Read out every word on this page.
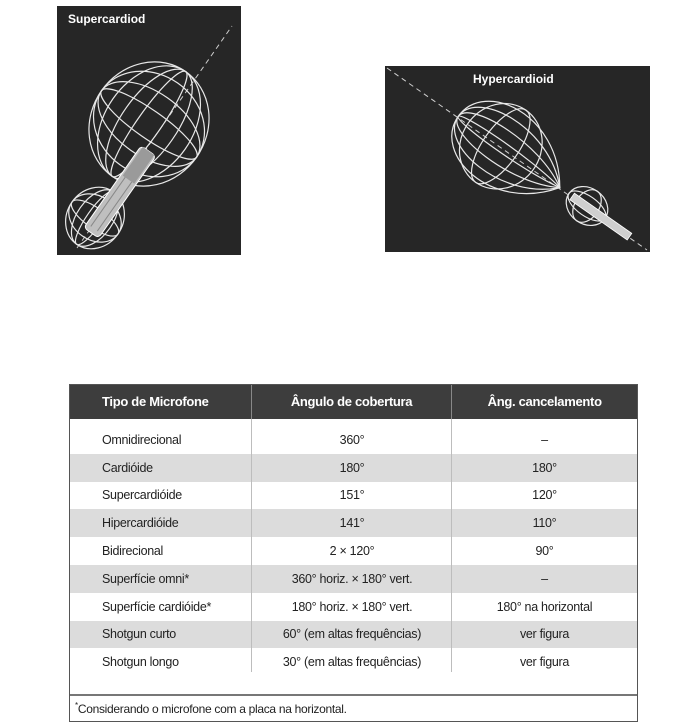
Supercardiod
Hypercardioid
Tipo de Microfone	Ângulo de cobertura	Âng. cancelamento
Omnidirecional	360°	–
Cardióide	180°	180°
Supercardióide	151°	120°
Hipercardióide	141°	110°
Bidirecional	2 × 120°	90°
Superfície omni*	360° horiz. × 180° vert.	–
Superfície cardióide*	180° horiz. × 180° vert.	180° na horizontal
Shotgun curto	60° (em altas frequências)	ver figura
Shotgun longo	30° (em altas frequências)	ver figura
*Considerando o microfone com a placa na horizontal.
